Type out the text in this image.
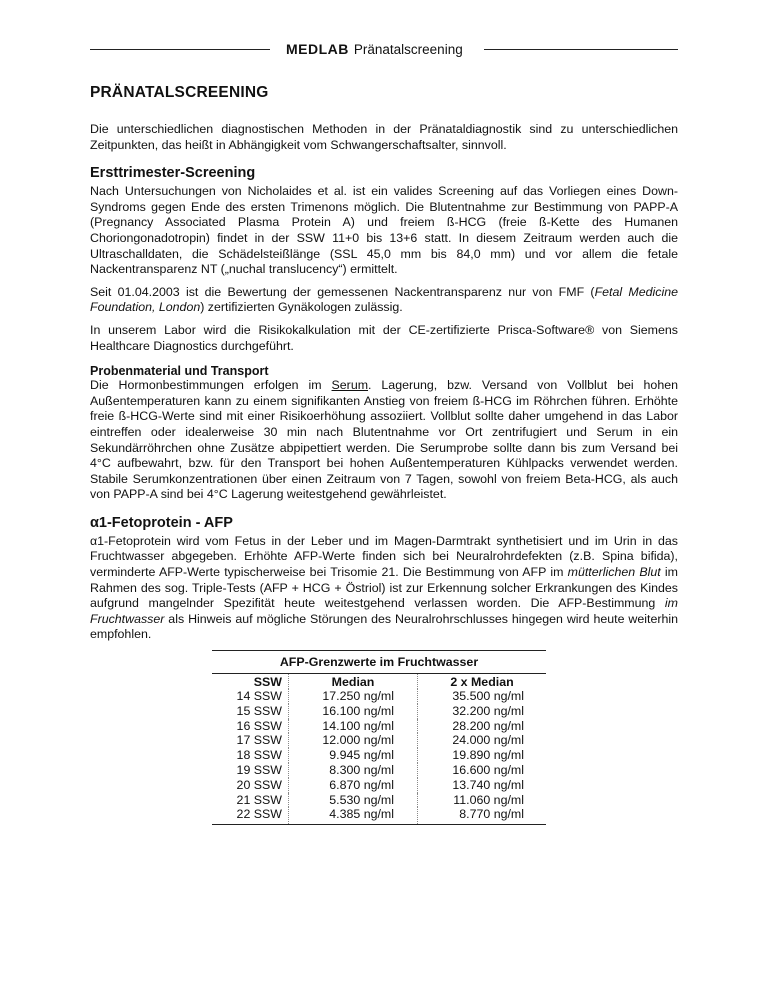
MEDLAB Pränatalscreening
PRÄNATALSCREENING

Die unterschiedlichen diagnostischen Methoden in der Pränataldiagnostik sind zu unterschiedlichen Zeitpunkten, das heißt in Abhängigkeit vom Schwangerschaftsalter, sinnvoll.

Ersttrimester-Screening

Nach Untersuchungen von Nicholaides et al. ist ein valides Screening auf das Vorliegen eines Down-Syndroms gegen Ende des ersten Trimenons möglich. Die Blutentnahme zur Bestimmung von PAPP-A (Pregnancy Associated Plasma Protein A) und freiem ß-HCG (freie ß-Kette des Humanen Choriongonadotropin) findet in der SSW 11+0 bis 13+6 statt. In diesem Zeitraum werden auch die Ultraschalldaten, die Schädelsteißlänge (SSL 45,0 mm bis 84,0 mm) und vor allem die fetale Nackentransparenz NT („nuchal translucency“) ermittelt.

Seit 01.04.2003 ist die Bewertung der gemessenen Nackentransparenz nur von FMF (Fetal Medicine Foundation, London) zertifizierten Gynäkologen zulässig.

In unserem Labor wird die Risikokalkulation mit der CE-zertifizierte Prisca-Software® von Siemens Healthcare Diagnostics durchgeführt.

Probenmaterial und Transport

Die Hormonbestimmungen erfolgen im Serum. Lagerung, bzw. Versand von Vollblut bei hohen Außentemperaturen kann zu einem signifikanten Anstieg von freiem ß-HCG im Röhrchen führen. Erhöhte freie ß-HCG-Werte sind mit einer Risikoerhöhung assoziiert. Vollblut sollte daher umgehend in das Labor eintreffen oder idealerweise 30 min nach Blutentnahme vor Ort zentrifugiert und Serum in ein Sekundärröhrchen ohne Zusätze abpipettiert werden. Die Serumprobe sollte dann bis zum Versand bei 4°C aufbewahrt, bzw. für den Transport bei hohen Außentemperaturen Kühlpacks verwendet werden. Stabile Serumkonzentrationen über einen Zeitraum von 7 Tagen, sowohl von freiem Beta-HCG, als auch von PAPP-A sind bei 4°C Lagerung weitestgehend gewährleistet.

α1-Fetoprotein - AFP

α1-Fetoprotein wird vom Fetus in der Leber und im Magen-Darmtrakt synthetisiert und im Urin in das Fruchtwasser abgegeben. Erhöhte AFP-Werte finden sich bei Neuralrohrdefekten (z.B. Spina bifida), verminderte AFP-Werte typischerweise bei Trisomie 21. Die Bestimmung von AFP im mütterlichen Blut im Rahmen des sog. Triple-Tests (AFP + HCG + Östriol) ist zur Erkennung solcher Erkrankungen des Kindes aufgrund mangelnder Spezifität heute weitestgehend verlassen worden. Die AFP-Bestimmung im Fruchtwasser als Hinweis auf mögliche Störungen des Neuralrohrschlusses hingegen wird heute weiterhin empfohlen.

AFP-Grenzwerte im Fruchtwasser
SSW	Median	2 x Median
14 SSW	17.250 ng/ml	35.500 ng/ml
15 SSW	16.100 ng/ml	32.200 ng/ml
16 SSW	14.100 ng/ml	28.200 ng/ml
17 SSW	12.000 ng/ml	24.000 ng/ml
18 SSW	9.945 ng/ml	19.890 ng/ml
19 SSW	8.300 ng/ml	16.600 ng/ml
20 SSW	6.870 ng/ml	13.740 ng/ml
21 SSW	5.530 ng/ml	11.060 ng/ml
22 SSW	4.385 ng/ml	8.770 ng/ml
